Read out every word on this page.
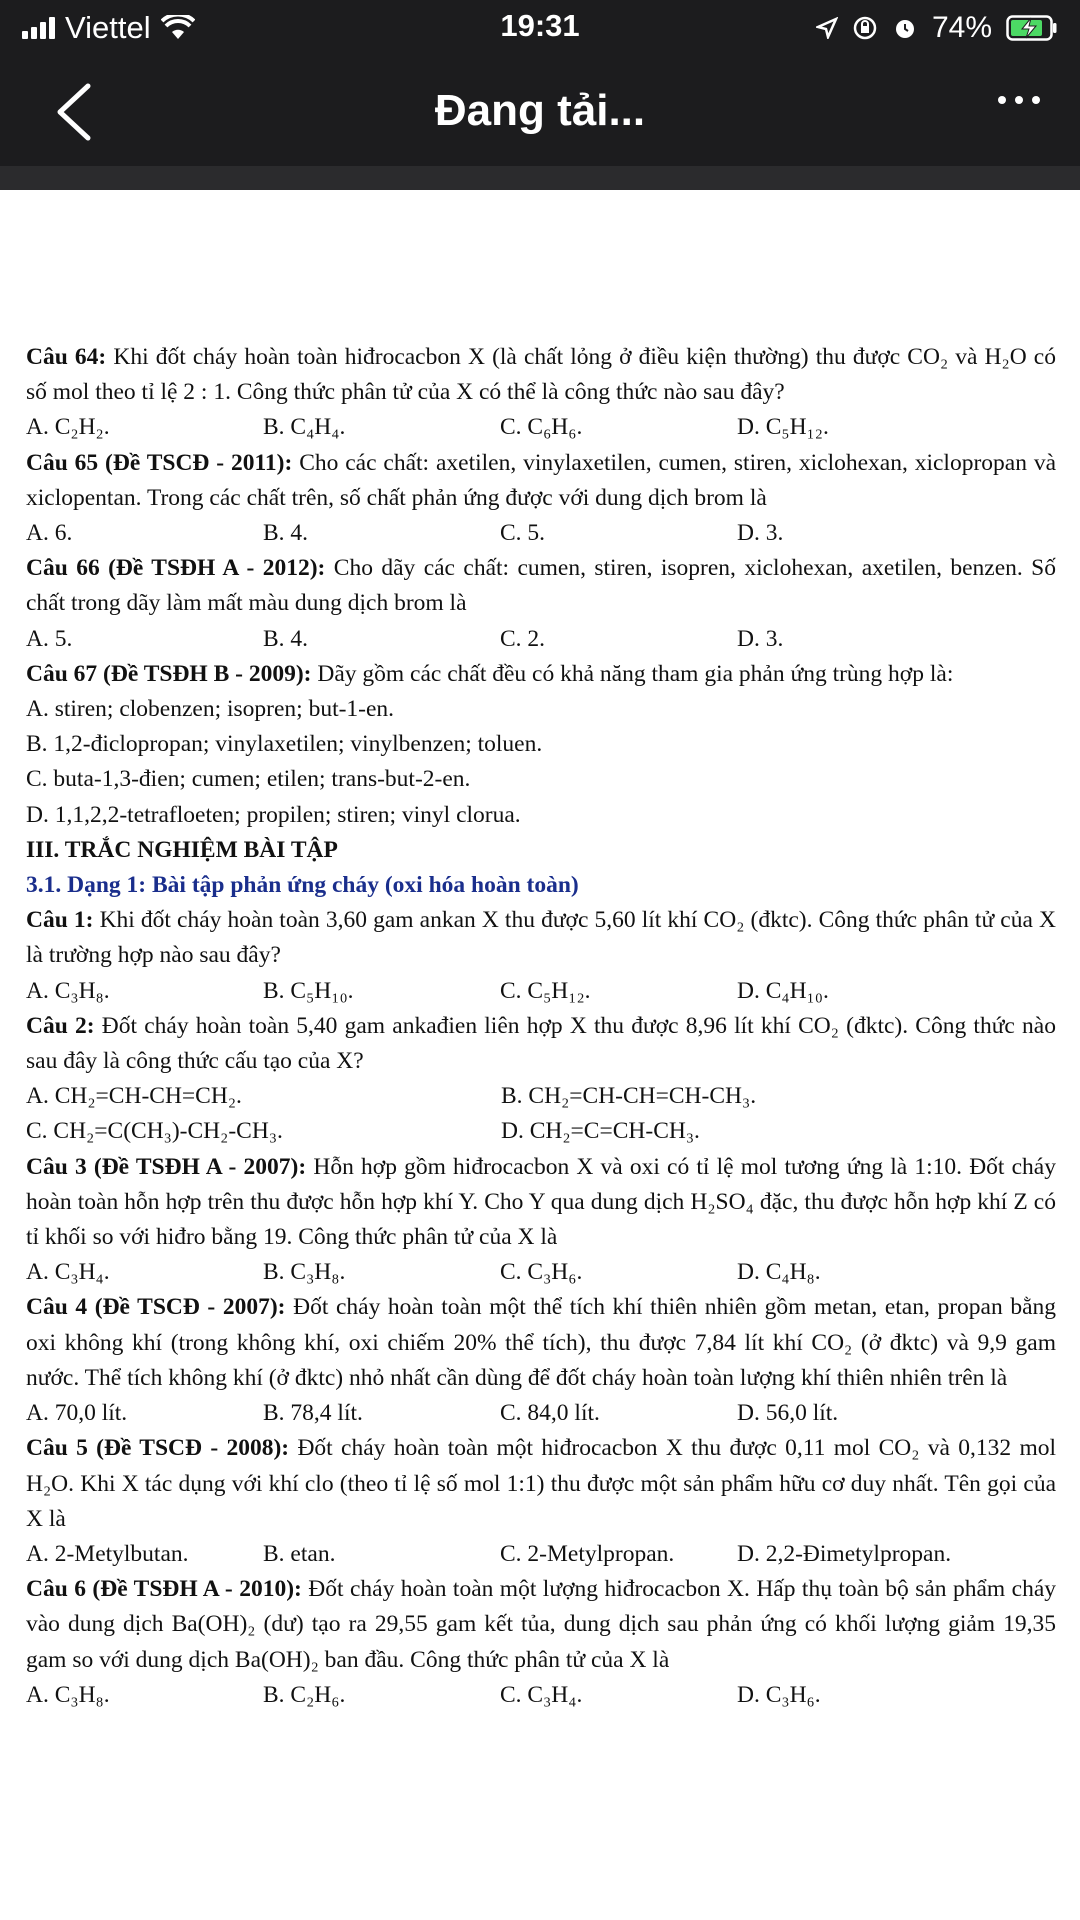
Viettel	19:31	74%
Đang tải...

Câu 64: Khi đốt cháy hoàn toàn hiđrocacbon X (là chất lỏng ở điều kiện thường) thu được CO₂ và H₂O có số mol theo tỉ lệ 2 : 1. Công thức phân tử của X có thể là công thức nào sau đây?

A. C₂H₂.	B. C₄H₄.	C. C₆H₆.	D. C₅H₁₂.

Câu 65 (Đề TSCĐ - 2011): Cho các chất: axetilen, vinylaxetilen, cumen, stiren, xiclohexan, xiclopropan và xiclopentan. Trong các chất trên, số chất phản ứng được với dung dịch brom là

A. 6.	B. 4.	C. 5.	D. 3.

Câu 66 (Đề TSĐH A - 2012): Cho dãy các chất: cumen, stiren, isopren, xiclohexan, axetilen, benzen. Số chất trong dãy làm mất màu dung dịch brom là

A. 5.	B. 4.	C. 2.	D. 3.

Câu 67 (Đề TSĐH B - 2009): Dãy gồm các chất đều có khả năng tham gia phản ứng trùng hợp là:

A. stiren; clobenzen; isopren; but-1-en.

B. 1,2-điclopropan; vinylaxetilen; vinylbenzen; toluen.

C. buta-1,3-đien; cumen; etilen; trans-but-2-en.

D. 1,1,2,2-tetrafloeten; propilen; stiren; vinyl clorua.

III. TRẮC NGHIỆM BÀI TẬP

3.1. Dạng 1: Bài tập phản ứng cháy (oxi hóa hoàn toàn)

Câu 1: Khi đốt cháy hoàn toàn 3,60 gam ankan X thu được 5,60 lít khí CO₂ (đktc). Công thức phân tử của X là trường hợp nào sau đây?

A. C₃H₈.	B. C₅H₁₀.	C. C₅H₁₂.	D. C₄H₁₀.

Câu 2: Đốt cháy hoàn toàn 5,40 gam ankađien liên hợp X thu được 8,96 lít khí CO₂ (đktc). Công thức nào sau đây là công thức cấu tạo của X?

A. CH₂=CH-CH=CH₂.	B. CH₂=CH-CH=CH-CH₃.
C. CH₂=C(CH₃)-CH₂-CH₃.	D. CH₂=C=CH-CH₃.

Câu 3 (Đề TSĐH A - 2007): Hỗn hợp gồm hiđrocacbon X và oxi có tỉ lệ mol tương ứng là 1:10. Đốt cháy hoàn toàn hỗn hợp trên thu được hỗn hợp khí Y. Cho Y qua dung dịch H₂SO₄ đặc, thu được hỗn hợp khí Z có tỉ khối so với hiđro bằng 19. Công thức phân tử của X là

A. C₃H₄.	B. C₃H₈.	C. C₃H₆.	D. C₄H₈.

Câu 4 (Đề TSCĐ - 2007): Đốt cháy hoàn toàn một thể tích khí thiên nhiên gồm metan, etan, propan bằng oxi không khí (trong không khí, oxi chiếm 20% thể tích), thu được 7,84 lít khí CO₂ (ở đktc) và 9,9 gam nước. Thể tích không khí (ở đktc) nhỏ nhất cần dùng để đốt cháy hoàn toàn lượng khí thiên nhiên trên là

A. 70,0 lít.	B. 78,4 lít.	C. 84,0 lít.	D. 56,0 lít.

Câu 5 (Đề TSCĐ - 2008): Đốt cháy hoàn toàn một hiđrocacbon X thu được 0,11 mol CO₂ và 0,132 mol H₂O. Khi X tác dụng với khí clo (theo tỉ lệ số mol 1:1) thu được một sản phẩm hữu cơ duy nhất. Tên gọi của X là

A. 2-Metylbutan.	B. etan.	C. 2-Metylpropan.	D. 2,2-Đimetylpropan.

Câu 6 (Đề TSĐH A - 2010): Đốt cháy hoàn toàn một lượng hiđrocacbon X. Hấp thụ toàn bộ sản phẩm cháy vào dung dịch Ba(OH)₂ (dư) tạo ra 29,55 gam kết tủa, dung dịch sau phản ứng có khối lượng giảm 19,35 gam so với dung dịch Ba(OH)₂ ban đầu. Công thức phân tử của X là

A. C₃H₈.	B. C₂H₆.	C. C₃H₄.	D. C₃H₆.
